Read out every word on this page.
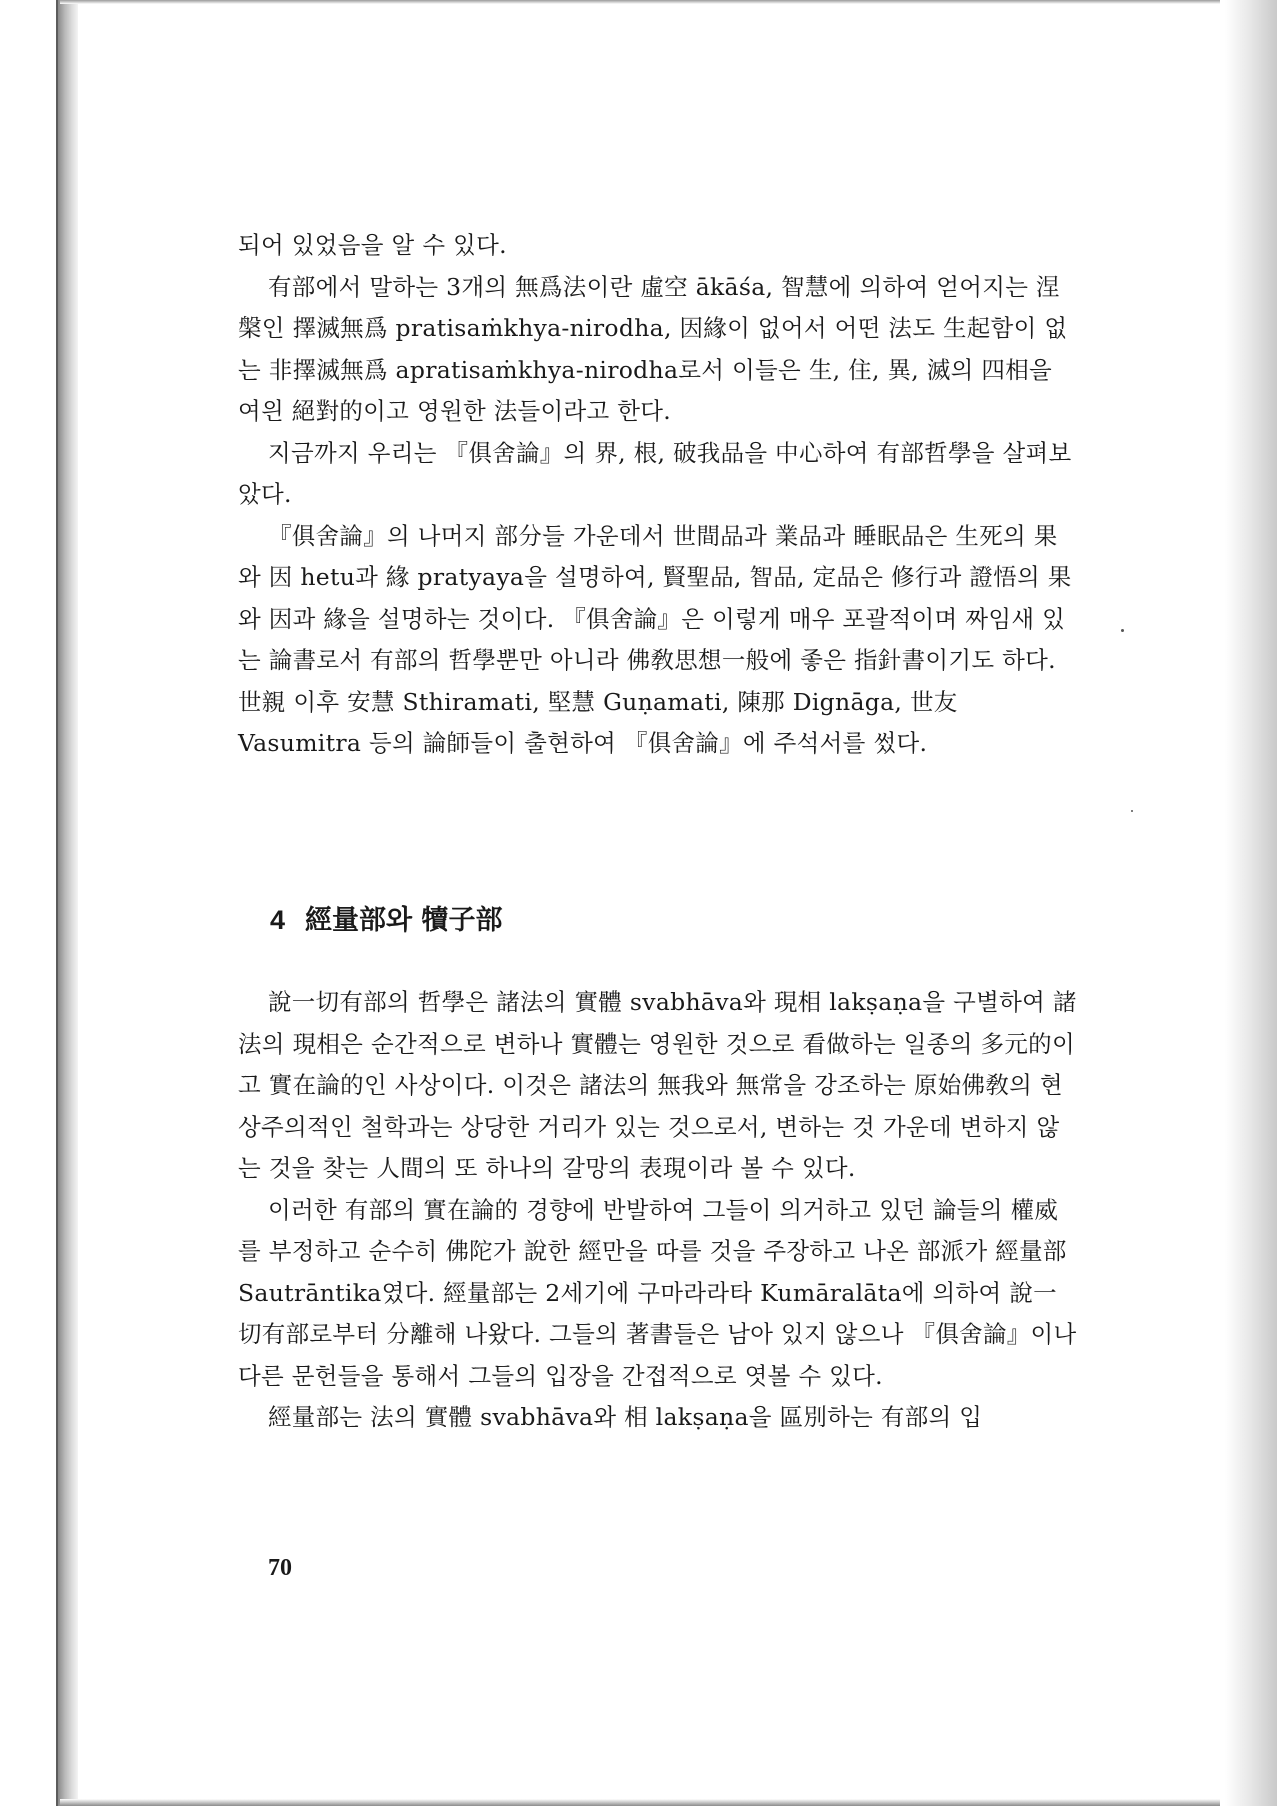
되어 있었음을 알 수 있다.

有部에서 말하는 3개의 無爲法이란 虛空 ākāśa, 智慧에 의하여 얻어지는 涅槃인 擇滅無爲 pratisaṁkhya-nirodha, 因緣이 없어서 어떤 法도 生起함이 없는 非擇滅無爲 apratisaṁkhya-nirodha로서 이들은 生, 住, 異, 滅의 四相을 여읜 絕對的이고 영원한 法들이라고 한다.

지금까지 우리는 『俱舍論』의 界, 根, 破我品을 中心하여 有部哲學을 살펴보았다.

『俱舍論』의 나머지 部分들 가운데서 世間品과 業品과 睡眠品은 生死의 果와 因 hetu과 緣 pratyaya을 설명하여, 賢聖品, 智品, 定品은 修行과 證悟의 果와 因과 緣을 설명하는 것이다. 『俱舍論』은 이렇게 매우 포괄적이며 짜임새 있는 論書로서 有部의 哲學뿐만 아니라 佛敎思想一般에 좋은 指針書이기도 하다. 世親 이후 安慧 Sthiramati, 堅慧 Guṇamati, 陳那 Dignāga, 世友 Vasumitra 등의 論師들이 출현하여 『俱舍論』에 주석서를 썼다.

4 經量部와 犢子部

說一切有部의 哲學은 諸法의 實體 svabhāva와 現相 lakṣaṇa을 구별하여 諸法의 現相은 순간적으로 변하나 實體는 영원한 것으로 看做하는 일종의 多元的이고 實在論的인 사상이다. 이것은 諸法의 無我와 無常을 강조하는 原始佛敎의 현상주의적인 철학과는 상당한 거리가 있는 것으로서, 변하는 것 가운데 변하지 않는 것을 찾는 人間의 또 하나의 갈망의 表現이라 볼 수 있다.

이러한 有部의 實在論的 경향에 반발하여 그들이 의거하고 있던 論들의 權威를 부정하고 순수히 佛陀가 說한 經만을 따를 것을 주장하고 나온 部派가 經量部 Sautrāntika였다. 經量部는 2세기에 구마라라타 Kumāralāta에 의하여 說一切有部로부터 分離해 나왔다. 그들의 著書들은 남아 있지 않으나 『俱舍論』이나 다른 문헌들을 통해서 그들의 입장을 간접적으로 엿볼 수 있다.

經量部는 法의 實體 svabhāva와 相 lakṣaṇa을 區別하는 有部의 입

70
